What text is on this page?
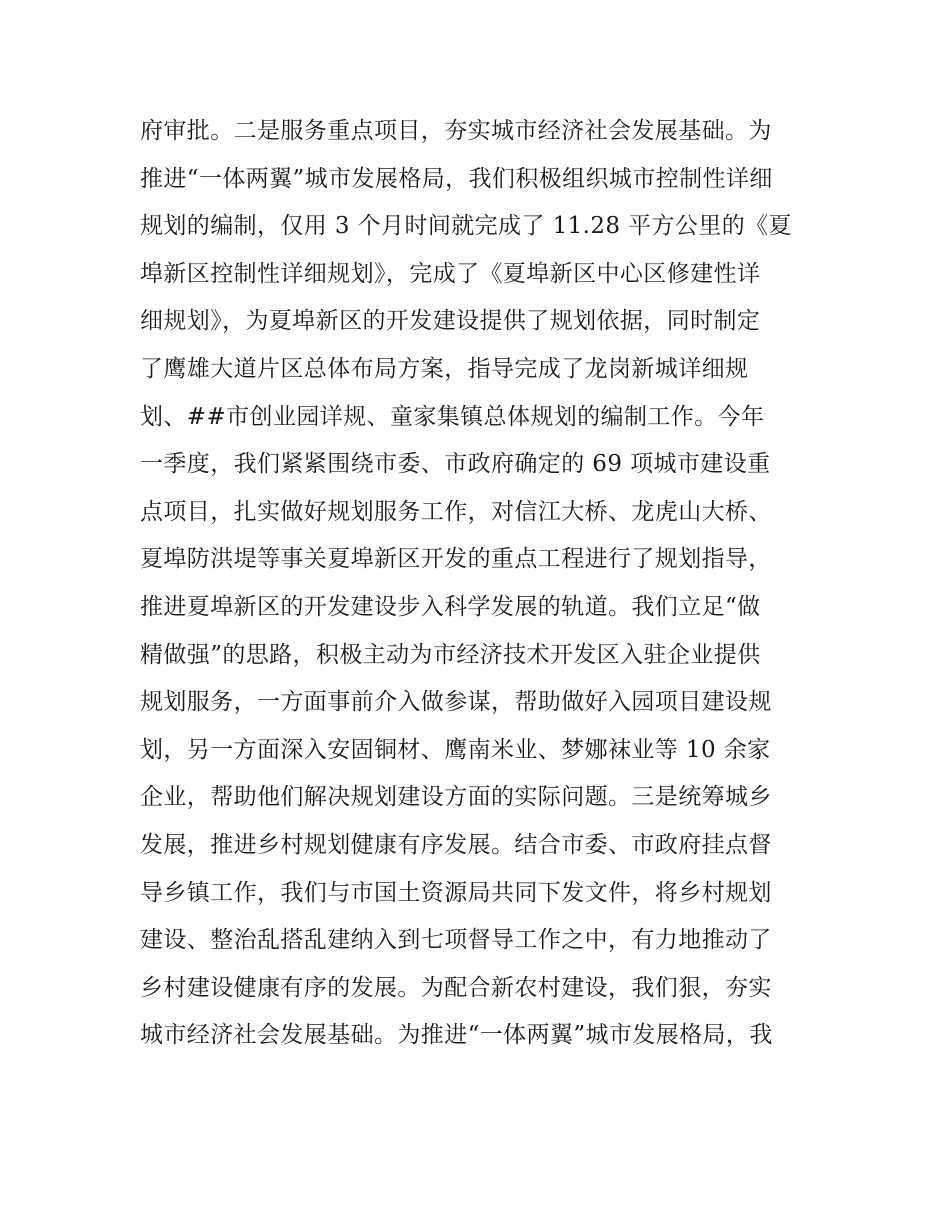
府审批。二是服务重点项目，夯实城市经济社会发展基础。为
推进“一体两翼”城市发展格局，我们积极组织城市控制性详细
规划的编制，仅用 3 个月时间就完成了 11.28 平方公里的《夏
埠新区控制性详细规划》，完成了《夏埠新区中心区修建性详
细规划》，为夏埠新区的开发建设提供了规划依据，同时制定
了鹰雄大道片区总体布局方案，指导完成了龙岗新城详细规
划、##市创业园详规、童家集镇总体规划的编制工作。今年
一季度，我们紧紧围绕市委、市政府确定的 69 项城市建设重
点项目，扎实做好规划服务工作，对信江大桥、龙虎山大桥、
夏埠防洪堤等事关夏埠新区开发的重点工程进行了规划指导，
推进夏埠新区的开发建设步入科学发展的轨道。我们立足“做
精做强”的思路，积极主动为市经济技术开发区入驻企业提供
规划服务，一方面事前介入做参谋，帮助做好入园项目建设规
划，另一方面深入安固铜材、鹰南米业、梦娜袜业等 10 余家
企业，帮助他们解决规划建设方面的实际问题。三是统筹城乡
发展，推进乡村规划健康有序发展。结合市委、市政府挂点督
导乡镇工作，我们与市国土资源局共同下发文件，将乡村规划
建设、整治乱搭乱建纳入到七项督导工作之中，有力地推动了
乡村建设健康有序的发展。为配合新农村建设，我们狠，夯实
城市经济社会发展基础。为推进“一体两翼”城市发展格局，我
